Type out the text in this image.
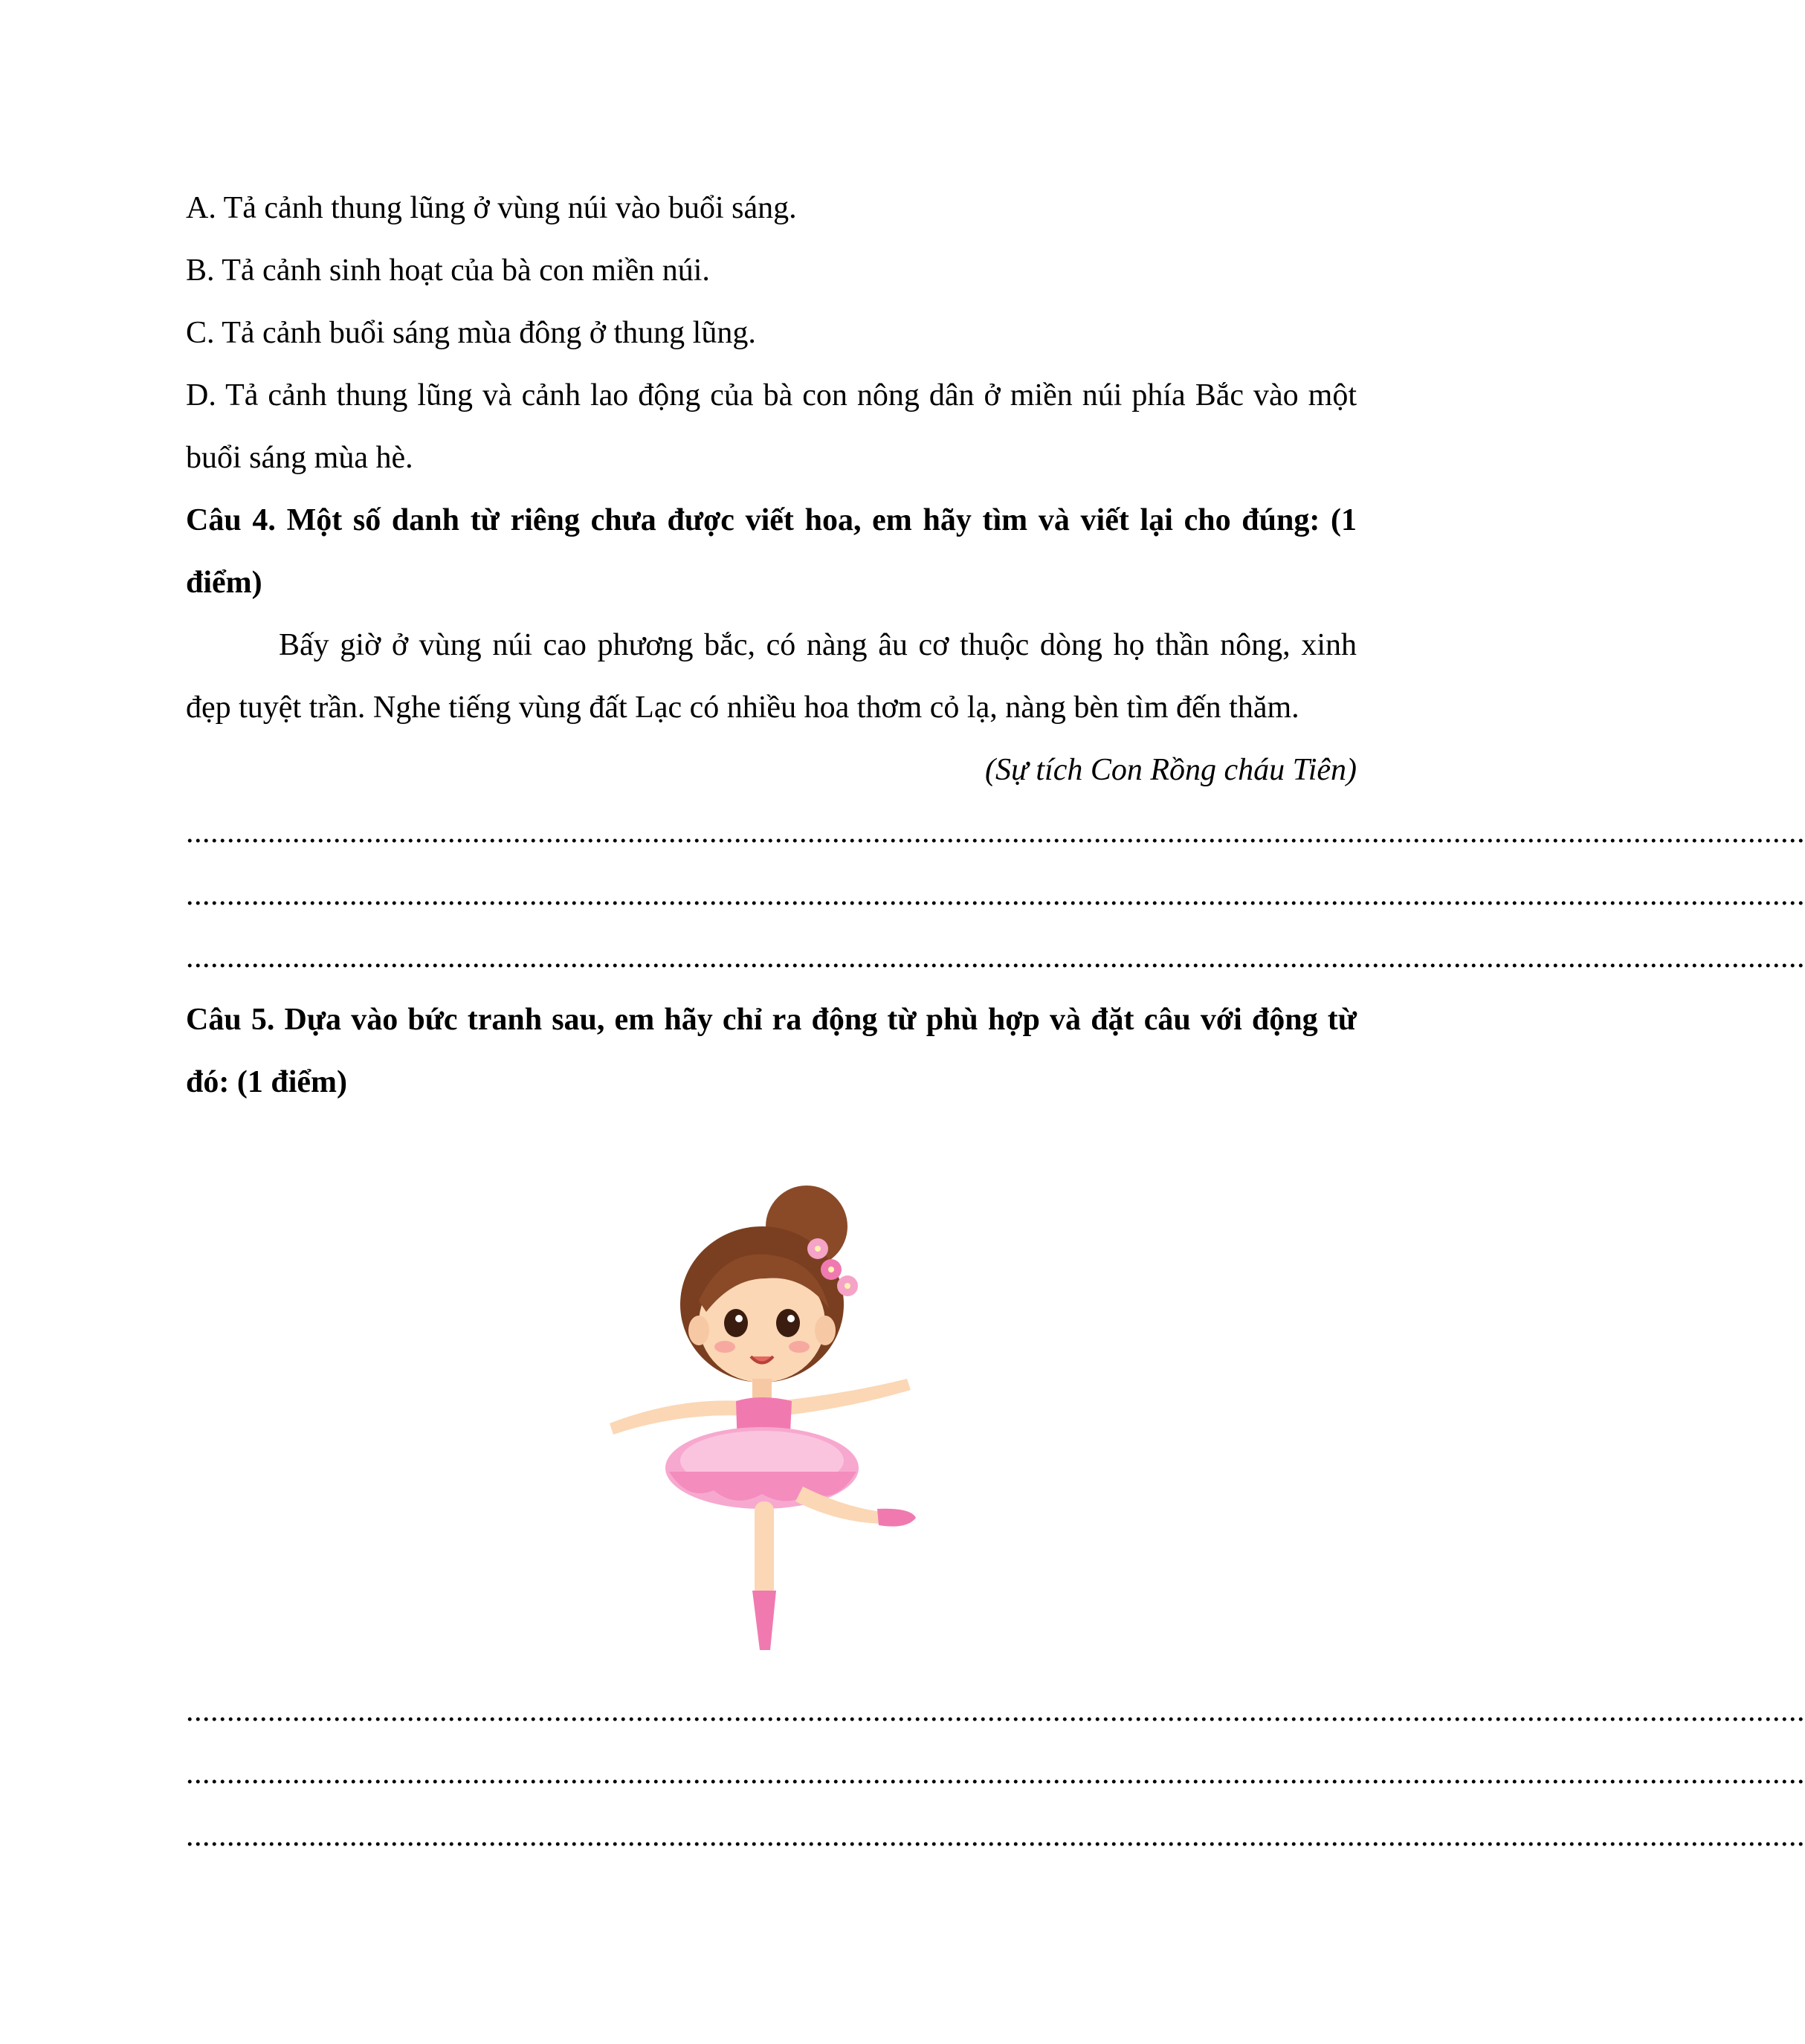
A. Tả cảnh thung lũng ở vùng núi vào buổi sáng.

B. Tả cảnh sinh hoạt của bà con miền núi.

C. Tả cảnh buổi sáng mùa đông ở thung lũng.

D. Tả cảnh thung lũng và cảnh lao động của bà con nông dân ở miền núi phía Bắc vào một buổi sáng mùa hè.

Câu 4. Một số danh từ riêng chưa được viết hoa, em hãy tìm và viết lại cho đúng: (1 điểm)

Bấy giờ ở vùng núi cao phương bắc, có nàng âu cơ thuộc dòng họ thần nông, xinh đẹp tuyệt trần. Nghe tiếng vùng đất Lạc có nhiều hoa thơm cỏ lạ, nàng bèn tìm đến thăm.

(Sự tích Con Rồng cháu Tiên)

......................................................................................................................................................................................................
......................................................................................................................................................................................................
......................................................................................................................................................................................................

Câu 5. Dựa vào bức tranh sau, em hãy chỉ ra động từ phù hợp và đặt câu với động từ đó: (1 điểm)

......................................................................................................................................................................................................
......................................................................................................................................................................................................
......................................................................................................................................................................................................
